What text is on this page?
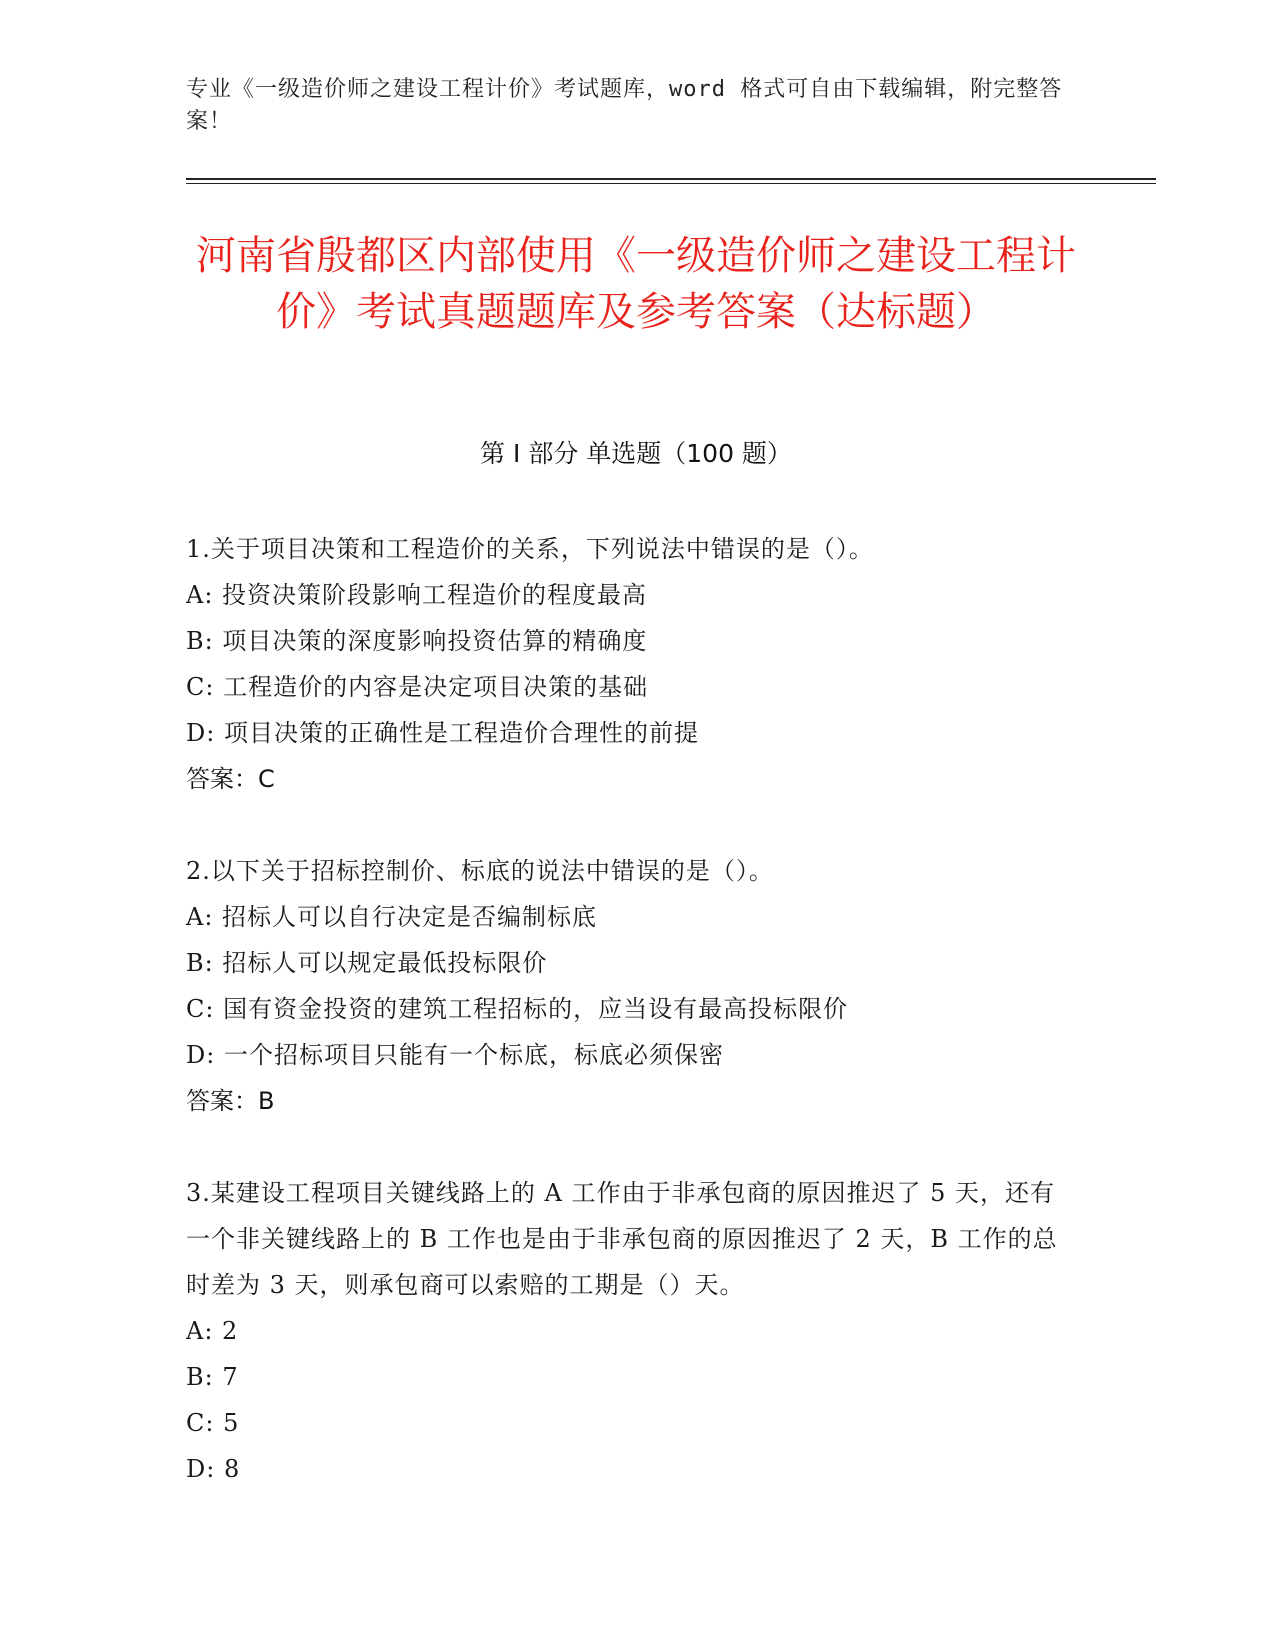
专业《一级造价师之建设工程计价》考试题库，word 格式可自由下载编辑，附完整答案！
河南省殷都区内部使用《一级造价师之建设工程计价》考试真题题库及参考答案（达标题）
第 I 部分 单选题（100 题）
1.关于项目决策和工程造价的关系，下列说法中错误的是（）。
A: 投资决策阶段影响工程造价的程度最高
B: 项目决策的深度影响投资估算的精确度
C: 工程造价的内容是决定项目决策的基础
D: 项目决策的正确性是工程造价合理性的前提
答案：C
2.以下关于招标控制价、标底的说法中错误的是（）。
A: 招标人可以自行决定是否编制标底
B: 招标人可以规定最低投标限价
C: 国有资金投资的建筑工程招标的，应当设有最高投标限价
D: 一个招标项目只能有一个标底，标底必须保密
答案：B
3.某建设工程项目关键线路上的 A 工作由于非承包商的原因推迟了 5 天，还有一个非关键线路上的 B 工作也是由于非承包商的原因推迟了 2 天，B 工作的总时差为 3 天，则承包商可以索赔的工期是（）天。
A: 2
B: 7
C: 5
D: 8
